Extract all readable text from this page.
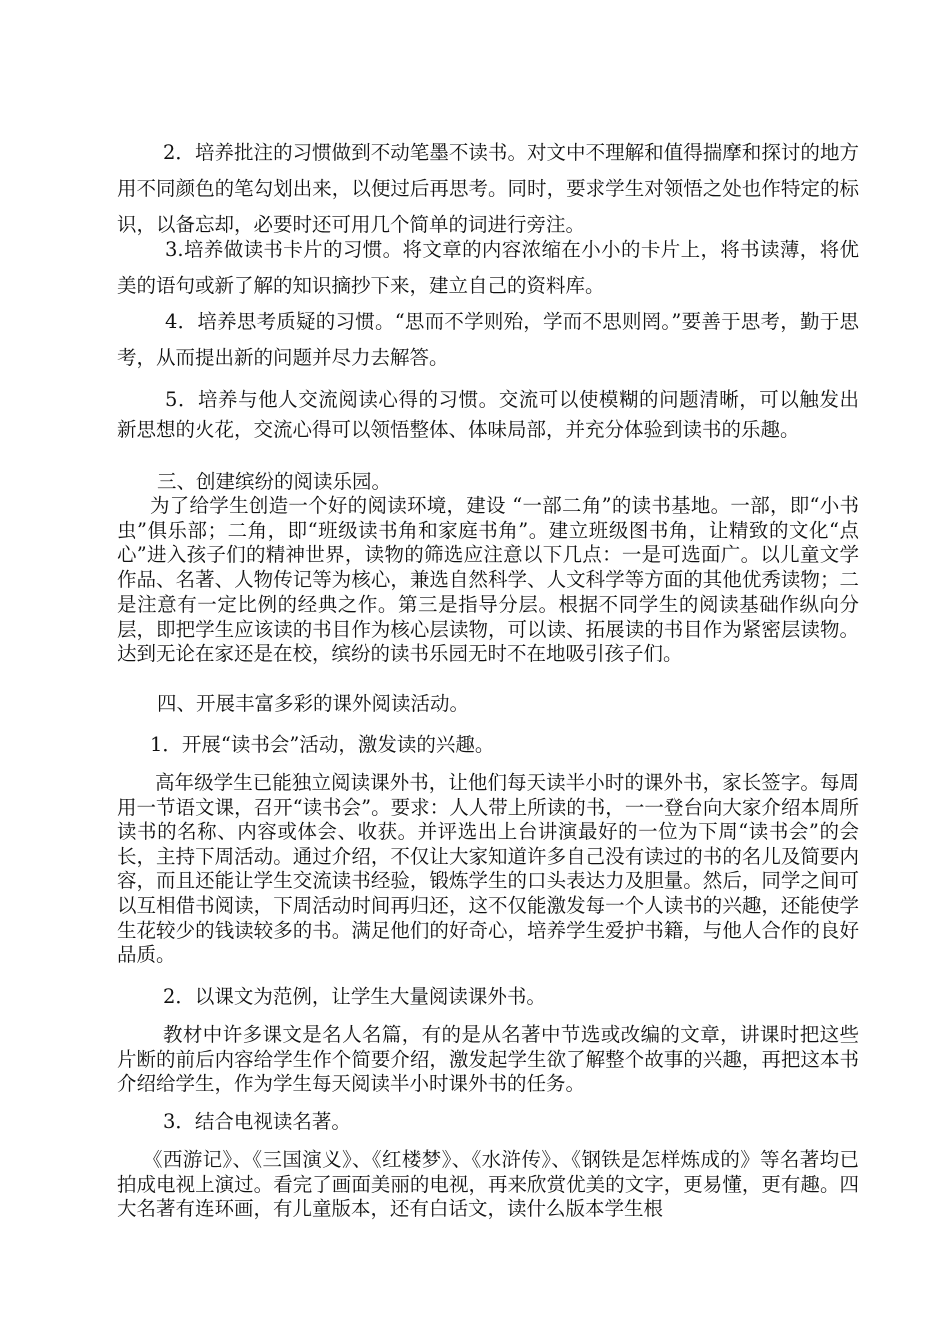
2．培养批注的习惯做到不动笔墨不读书。对文中不理解和值得揣摩和探讨的地方用不同颜色的笔勾划出来，以便过后再思考。同时，要求学生对领悟之处也作特定的标识，以备忘却，必要时还可用几个简单的词进行旁注。
3.培养做读书卡片的习惯。将文章的内容浓缩在小小的卡片上，将书读薄，将优美的语句或新了解的知识摘抄下来，建立自己的资料库。
4．培养思考质疑的习惯。“思而不学则殆，学而不思则罔。”要善于思考，勤于思考，从而提出新的问题并尽力去解答。
5．培养与他人交流阅读心得的习惯。交流可以使模糊的问题清晰，可以触发出新思想的火花，交流心得可以领悟整体、体味局部，并充分体验到读书的乐趣。
三、创建缤纷的阅读乐园。
为了给学生创造一个好的阅读环境，建设 “一部二角”的读书基地。一部，即“小书虫”俱乐部；二角，即“班级读书角和家庭书角”。建立班级图书角，让精致的文化“点心”进入孩子们的精神世界，读物的筛选应注意以下几点：一是可选面广。以儿童文学作品、名著、人物传记等为核心，兼选自然科学、人文科学等方面的其他优秀读物；二是注意有一定比例的经典之作。第三是指导分层。根据不同学生的阅读基础作纵向分层，即把学生应该读的书目作为核心层读物，可以读、拓展读的书目作为紧密层读物。达到无论在家还是在校，缤纷的读书乐园无时不在地吸引孩子们。
四、开展丰富多彩的课外阅读活动。
1．开展“读书会”活动，激发读的兴趣。
高年级学生已能独立阅读课外书，让他们每天读半小时的课外书，家长签字。每周用一节语文课，召开“读书会”。要求：人人带上所读的书，一一登台向大家介绍本周所读书的名称、内容或体会、收获。并评选出上台讲演最好的一位为下周“读书会”的会长，主持下周活动。通过介绍，不仅让大家知道许多自己没有读过的书的名儿及简要内容，而且还能让学生交流读书经验，锻炼学生的口头表达力及胆量。然后，同学之间可以互相借书阅读，下周活动时间再归还，这不仅能激发每一个人读书的兴趣，还能使学生花较少的钱读较多的书。满足他们的好奇心，培养学生爱护书籍，与他人合作的良好品质。
2．以课文为范例，让学生大量阅读课外书。
教材中许多课文是名人名篇，有的是从名著中节选或改编的文章，讲课时把这些片断的前后内容给学生作个简要介绍，激发起学生欲了解整个故事的兴趣，再把这本书介绍给学生，作为学生每天阅读半小时课外书的任务。
3．结合电视读名著。
《西游记》、《三国演义》、《红楼梦》、《水浒传》、《钢铁是怎样炼成的》等名著均已拍成电视上演过。看完了画面美丽的电视，再来欣赏优美的文字，更易懂，更有趣。四大名著有连环画，有儿童版本，还有白话文，读什么版本学生根
